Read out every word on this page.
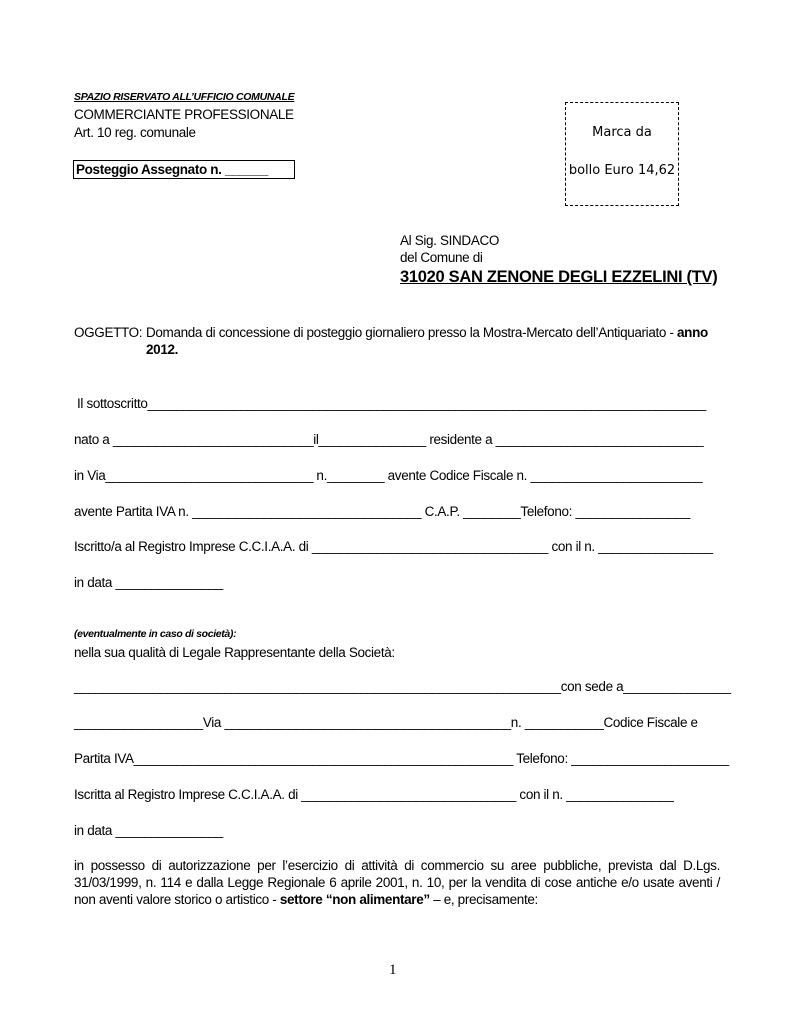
SPAZIO RISERVATO ALL’UFFICIO COMUNALE
COMMERCIANTE PROFESSIONALE
Art. 10 reg. comunale
Posteggio Assegnato n. ______
Marca da
bollo Euro 14,62
Al Sig. SINDACO
del Comune di
31020 SAN ZENONE DEGLI EZZELINI (TV)
OGGETTO: Domanda di concessione di posteggio giornaliero presso la Mostra-Mercato dell’Antiquariato - anno
2012.
Il sottoscritto______________________________________________________________________________
nato a ____________________________il_______________ residente a _____________________________
in Via_____________________________ n.________ avente Codice Fiscale n. ________________________
avente Partita IVA n. ________________________________ C.A.P. ________Telefono: ________________
Iscritto/a al Registro Imprese C.C.I.A.A. di _________________________________ con il n. ________________
in data _______________
(eventualmente in caso di società):
nella sua qualità di Legale Rappresentante della Società:
____________________________________________________________________con sede a_______________
__________________Via ________________________________________n. ___________Codice Fiscale e
Partita IVA_____________________________________________________ Telefono: ______________________
Iscritta al Registro Imprese C.C.I.A.A. di ______________________________ con il n. _______________
in data _______________
in possesso di autorizzazione per l’esercizio di attività di commercio su aree pubbliche, prevista dal D.Lgs. 31/03/1999, n. 114 e dalla Legge Regionale 6 aprile 2001, n. 10, per la vendita di cose antiche e/o usate aventi / non aventi valore storico o artistico - settore “non alimentare” – e, precisamente:
1
